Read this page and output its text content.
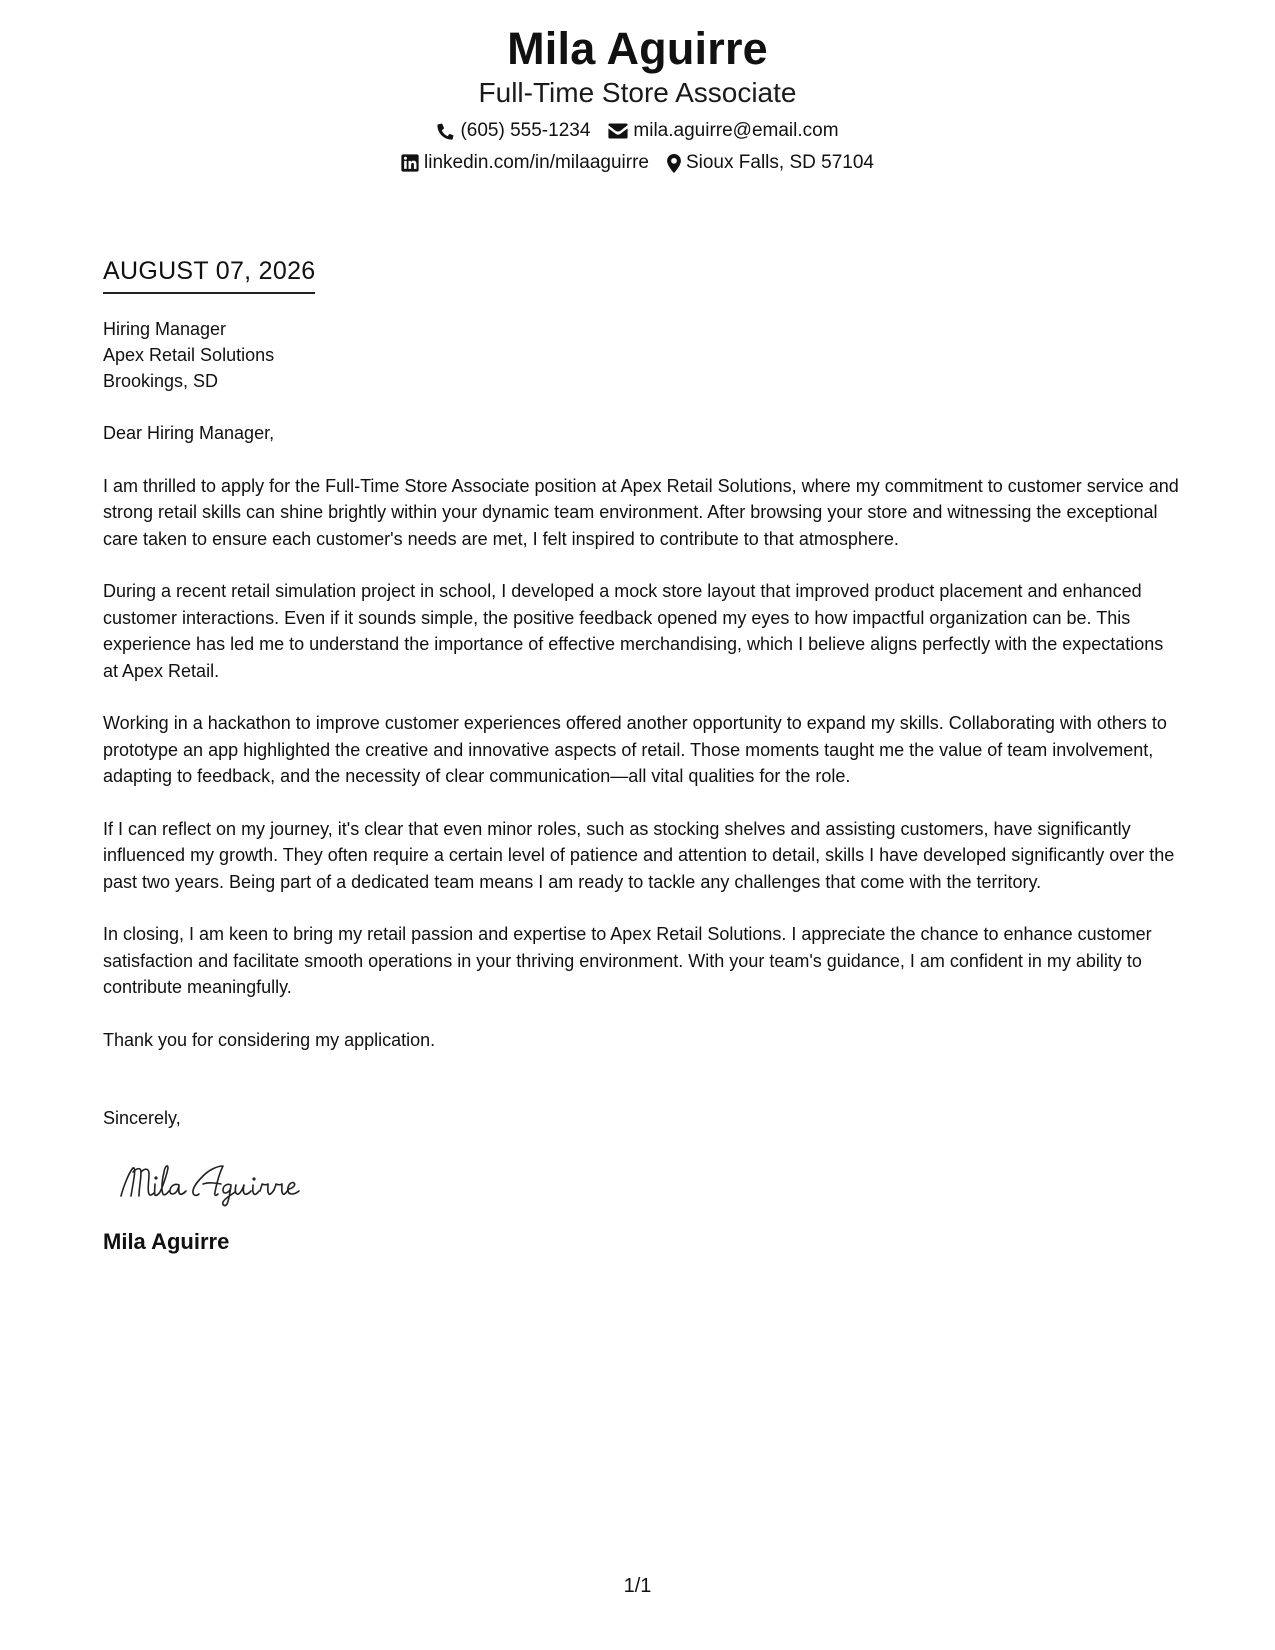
Mila Aguirre
Full-Time Store Associate
(605) 555-1234 mila.aguirre@email.com
linkedin.com/in/milaaguirre Sioux Falls, SD 57104
AUGUST 07, 2026
Hiring Manager
Apex Retail Solutions
Brookings, SD
Dear Hiring Manager,

I am thrilled to apply for the Full-Time Store Associate position at Apex Retail Solutions, where my commitment to customer service and strong retail skills can shine brightly within your dynamic team environment. After browsing your store and witnessing the exceptional care taken to ensure each customer's needs are met, I felt inspired to contribute to that atmosphere.

During a recent retail simulation project in school, I developed a mock store layout that improved product placement and enhanced customer interactions. Even if it sounds simple, the positive feedback opened my eyes to how impactful organization can be. This experience has led me to understand the importance of effective merchandising, which I believe aligns perfectly with the expectations at Apex Retail.

Working in a hackathon to improve customer experiences offered another opportunity to expand my skills. Collaborating with others to prototype an app highlighted the creative and innovative aspects of retail. Those moments taught me the value of team involvement, adapting to feedback, and the necessity of clear communication—all vital qualities for the role.

If I can reflect on my journey, it's clear that even minor roles, such as stocking shelves and assisting customers, have significantly influenced my growth. They often require a certain level of patience and attention to detail, skills I have developed significantly over the past two years. Being part of a dedicated team means I am ready to tackle any challenges that come with the territory.

In closing, I am keen to bring my retail passion and expertise to Apex Retail Solutions. I appreciate the chance to enhance customer satisfaction and facilitate smooth operations in your thriving environment. With your team's guidance, I am confident in my ability to contribute meaningfully.

Thank you for considering my application.

Sincerely,
Mila Aguirre
1/1
